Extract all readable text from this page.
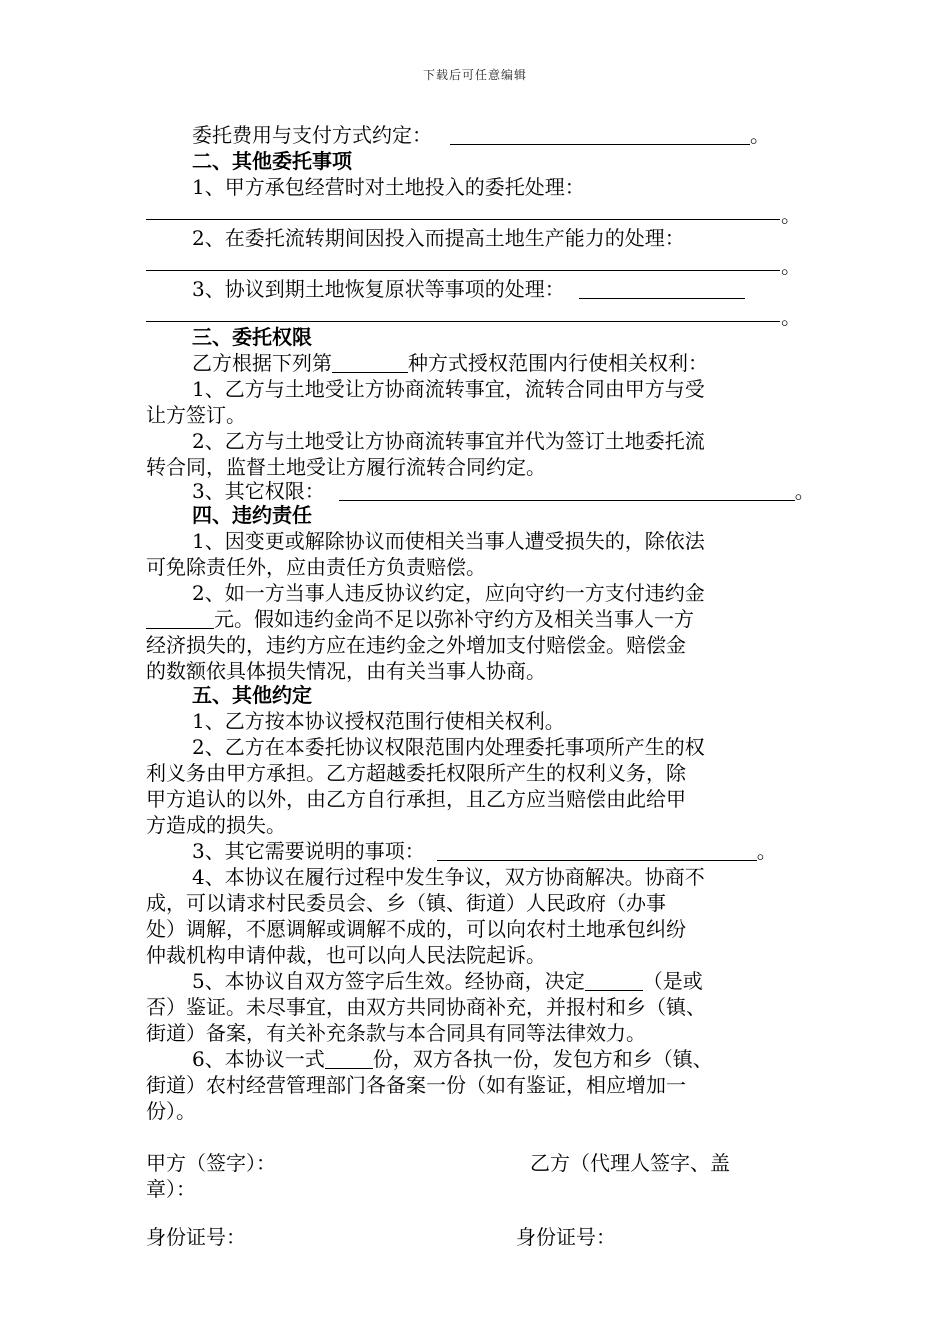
下载后可任意编辑
委托费用与支付方式约定：	。
二、其他委托事项
1、甲方承包经营时对土地投入的委托处理：
。
2、在委托流转期间因投入而提高土地生产能力的处理：
。
3、协议到期土地恢复原状等事项的处理：
。
三、委托权限
乙方根据下列第	种方式授权范围内行使相关权利：
1、乙方与土地受让方协商流转事宜，流转合同由甲方与受
让方签订。
2、乙方与土地受让方协商流转事宜并代为签订土地委托流
转合同，监督土地受让方履行流转合同约定。
3、其它权限：	。
四、违约责任
1、因变更或解除协议而使相关当事人遭受损失的，除依法
可免除责任外，应由责任方负责赔偿。
2、如一方当事人违反协议约定，应向守约一方支付违约金
元。假如违约金尚不足以弥补守约方及相关当事人一方
经济损失的，违约方应在违约金之外增加支付赔偿金。赔偿金
的数额依具体损失情况，由有关当事人协商。
五、其他约定
1、乙方按本协议授权范围行使相关权利。
2、乙方在本委托协议权限范围内处理委托事项所产生的权
利义务由甲方承担。乙方超越委托权限所产生的权利义务，除
甲方追认的以外，由乙方自行承担，且乙方应当赔偿由此给甲
方造成的损失。
3、其它需要说明的事项：	。
4、本协议在履行过程中发生争议，双方协商解决。协商不
成，可以请求村民委员会、乡（镇、街道）人民政府（办事
处）调解，不愿调解或调解不成的，可以向农村土地承包纠纷
仲裁机构申请仲裁，也可以向人民法院起诉。
5、本协议自双方签字后生效。经协商，决定	（是或
否）鉴证。未尽事宜，由双方共同协商补充，并报村和乡（镇、
街道）备案，有关补充条款与本合同具有同等法律效力。
6、本协议一式 份，双方各执一份，发包方和乡（镇、
街道）农村经营管理部门各备案一份（如有鉴证，相应增加一
份）。
甲方（签字）：	乙方（代理人签字、盖
章）：
身份证号：	身份证号：
